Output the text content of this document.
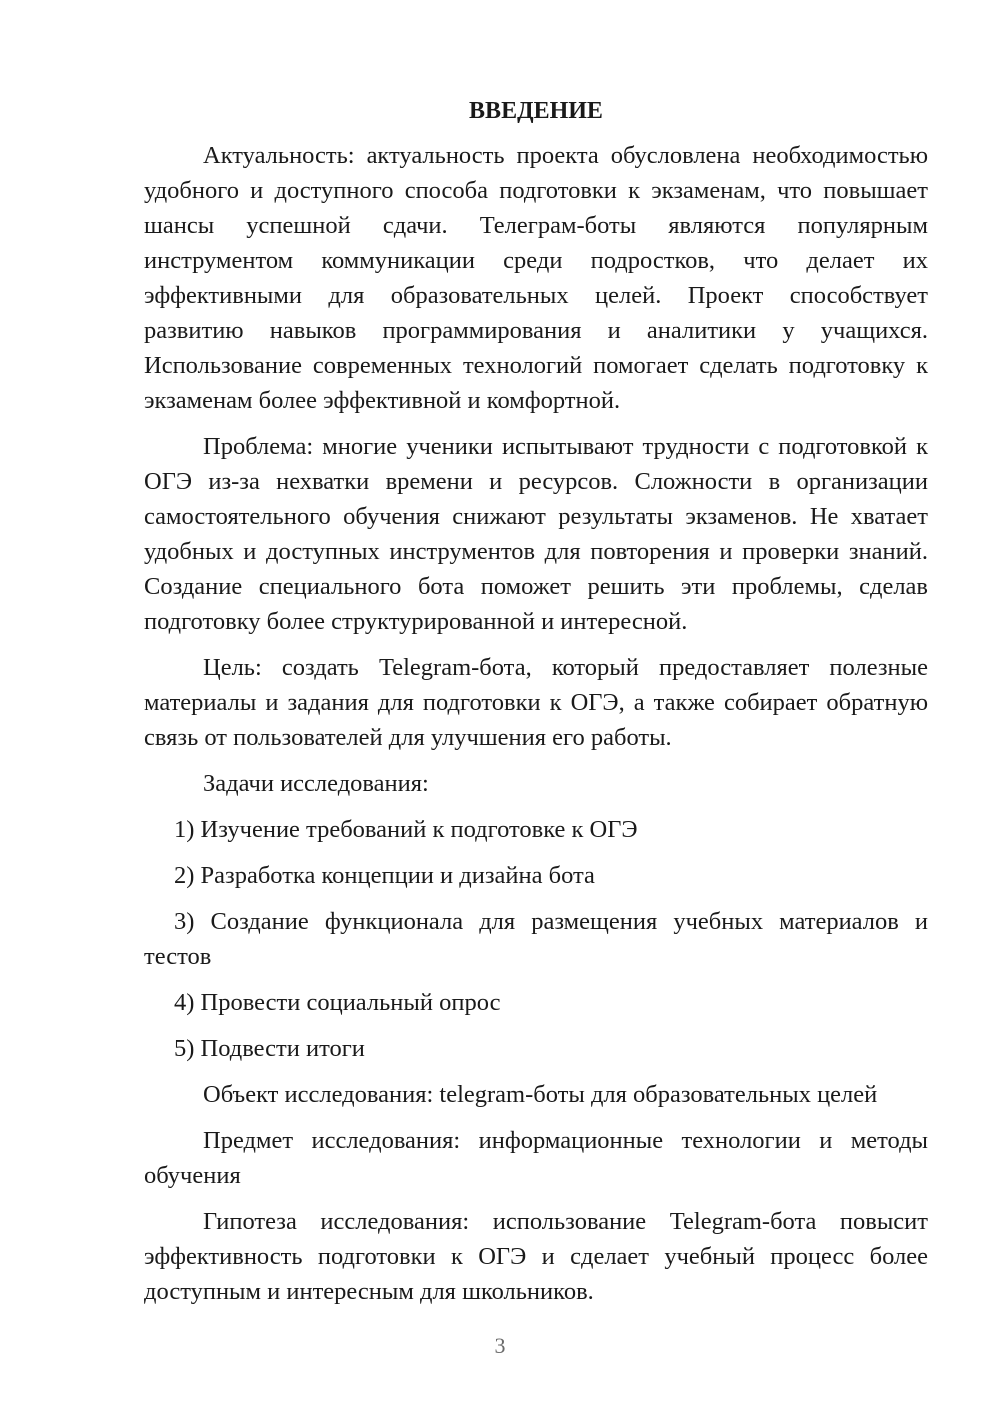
ВВЕДЕНИЕ

Актуальность: актуальность проекта обусловлена необходимостью удобного и доступного способа подготовки к экзаменам, что повышает шансы успешной сдачи. Телеграм-боты являются популярным инструментом коммуникации среди подростков, что делает их эффективными для образовательных целей. Проект способствует развитию навыков программирования и аналитики у учащихся. Использование современных технологий помогает сделать подготовку к экзаменам более эффективной и комфортной.

Проблема: многие ученики испытывают трудности с подготовкой к ОГЭ из-за нехватки времени и ресурсов. Сложности в организации самостоятельного обучения снижают результаты экзаменов. Не хватает удобных и доступных инструментов для повторения и проверки знаний. Создание специального бота поможет решить эти проблемы, сделав подготовку более структурированной и интересной.

Цель: создать Telegram-бота, который предоставляет полезные материалы и задания для подготовки к ОГЭ, а также собирает обратную связь от пользователей для улучшения его работы.

Задачи исследования:

1) Изучение требований к подготовке к ОГЭ

2) Разработка концепции и дизайна бота

3) Создание функционала для размещения учебных материалов и тестов

4) Провести социальный опрос

5) Подвести итоги

Объект исследования: telegram-боты для образовательных целей

Предмет исследования: информационные технологии и методы обучения

Гипотеза исследования: использование Telegram-бота повысит эффективность подготовки к ОГЭ и сделает учебный процесс более доступным и интересным для школьников.

3
